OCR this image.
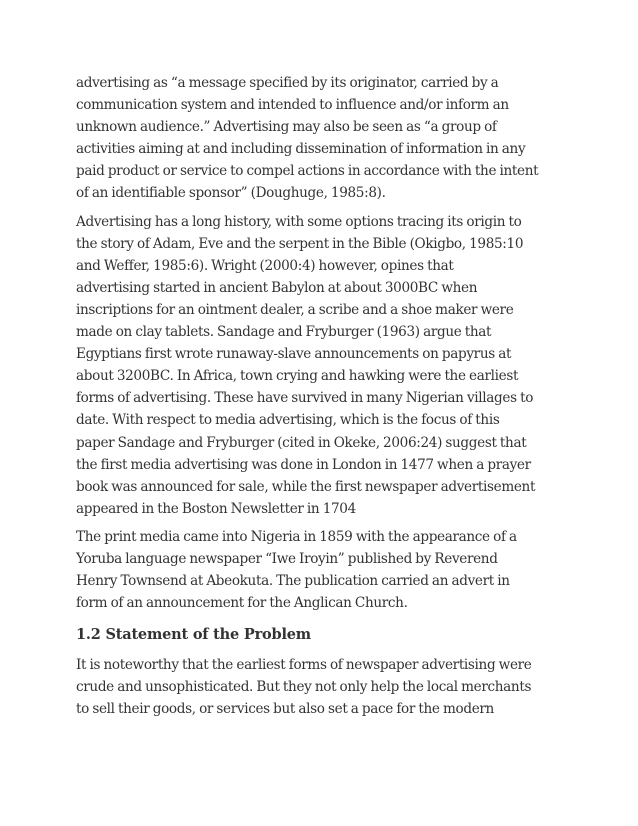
advertising as “a message specified by its originator, carried by a
communication system and intended to influence and/or inform an
unknown audience.” Advertising may also be seen as “a group of
activities aiming at and including dissemination of information in any
paid product or service to compel actions in accordance with the intent
of an identifiable sponsor” (Doughuge, 1985:8).
Advertising has a long history, with some options tracing its origin to
the story of Adam, Eve and the serpent in the Bible (Okigbo, 1985:10
and Weffer, 1985:6). Wright (2000:4) however, opines that
advertising started in ancient Babylon at about 3000BC when
inscriptions for an ointment dealer, a scribe and a shoe maker were
made on clay tablets. Sandage and Fryburger (1963) argue that
Egyptians first wrote runaway-slave announcements on papyrus at
about 3200BC. In Africa, town crying and hawking were the earliest
forms of advertising. These have survived in many Nigerian villages to
date. With respect to media advertising, which is the focus of this
paper Sandage and Fryburger (cited in Okeke, 2006:24) suggest that
the first media advertising was done in London in 1477 when a prayer
book was announced for sale, while the first newspaper advertisement
appeared in the Boston Newsletter in 1704
The print media came into Nigeria in 1859 with the appearance of a
Yoruba language newspaper “Iwe Iroyin” published by Reverend
Henry Townsend at Abeokuta. The publication carried an advert in
form of an announcement for the Anglican Church.
1.2 Statement of the Problem
It is noteworthy that the earliest forms of newspaper advertising were
crude and unsophisticated. But they not only help the local merchants
to sell their goods, or services but also set a pace for the modern
